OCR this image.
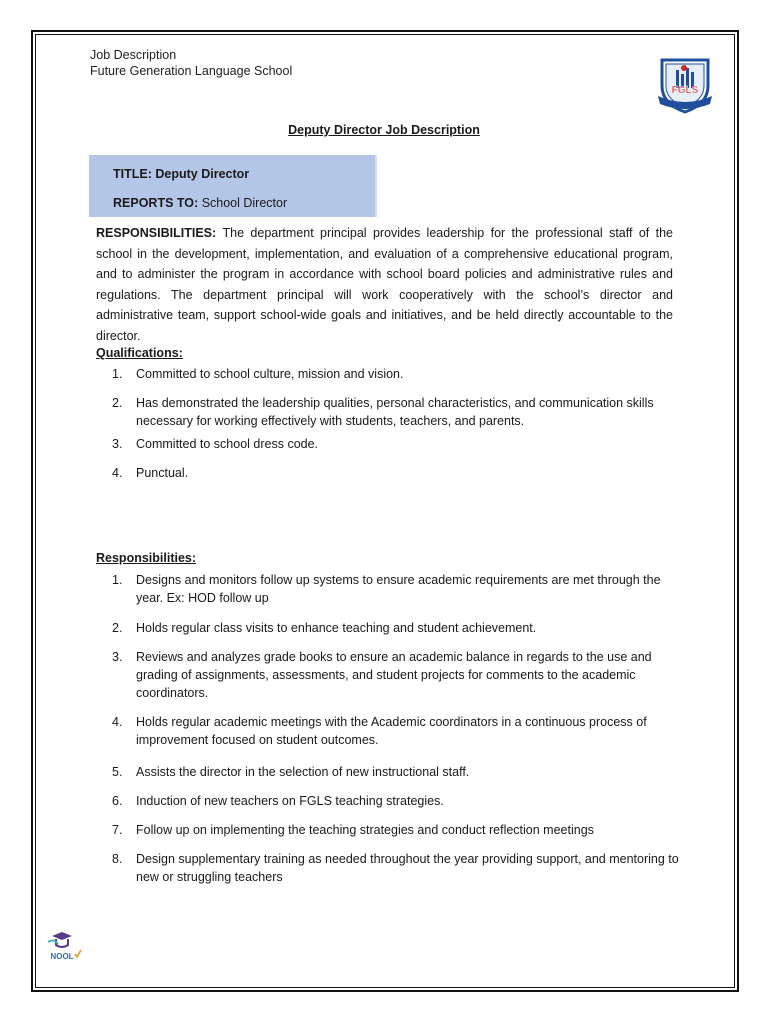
Job Description
Future Generation Language School
FGLS
Deputy Director Job Description
TITLE: Deputy Director
REPORTS TO: School Director
RESPONSIBILITIES: The department principal provides leadership for the professional staff of the school in the development, implementation, and evaluation of a comprehensive educational program, and to administer the program in accordance with school board policies and administrative rules and regulations. The department principal will work cooperatively with the school’s director and administrative team, support school-wide goals and initiatives, and be held directly accountable to the director.
Qualifications:
1.	Committed to school culture, mission and vision.
2.	Has demonstrated the leadership qualities, personal characteristics, and communication skills necessary for working effectively with students, teachers, and parents.
3.	Committed to school dress code.
4.	Punctual.
Responsibilities:
1.	Designs and monitors follow up systems to ensure academic requirements are met through the year. Ex: HOD follow up
2.	Holds regular class visits to enhance teaching and student achievement.
3.	Reviews and analyzes grade books to ensure an academic balance in regards to the use and grading of assignments, assessments, and student projects for comments to the academic coordinators.
4.	Holds regular academic meetings with the Academic coordinators in a continuous process of improvement focused on student outcomes.
5.	Assists the director in the selection of new instructional staff.
6.	Induction of new teachers on FGLS teaching strategies.
7.	Follow up on implementing the teaching strategies and conduct reflection meetings
8.	Design supplementary training as needed throughout the year providing support, and mentoring to new or struggling teachers
NOOL
